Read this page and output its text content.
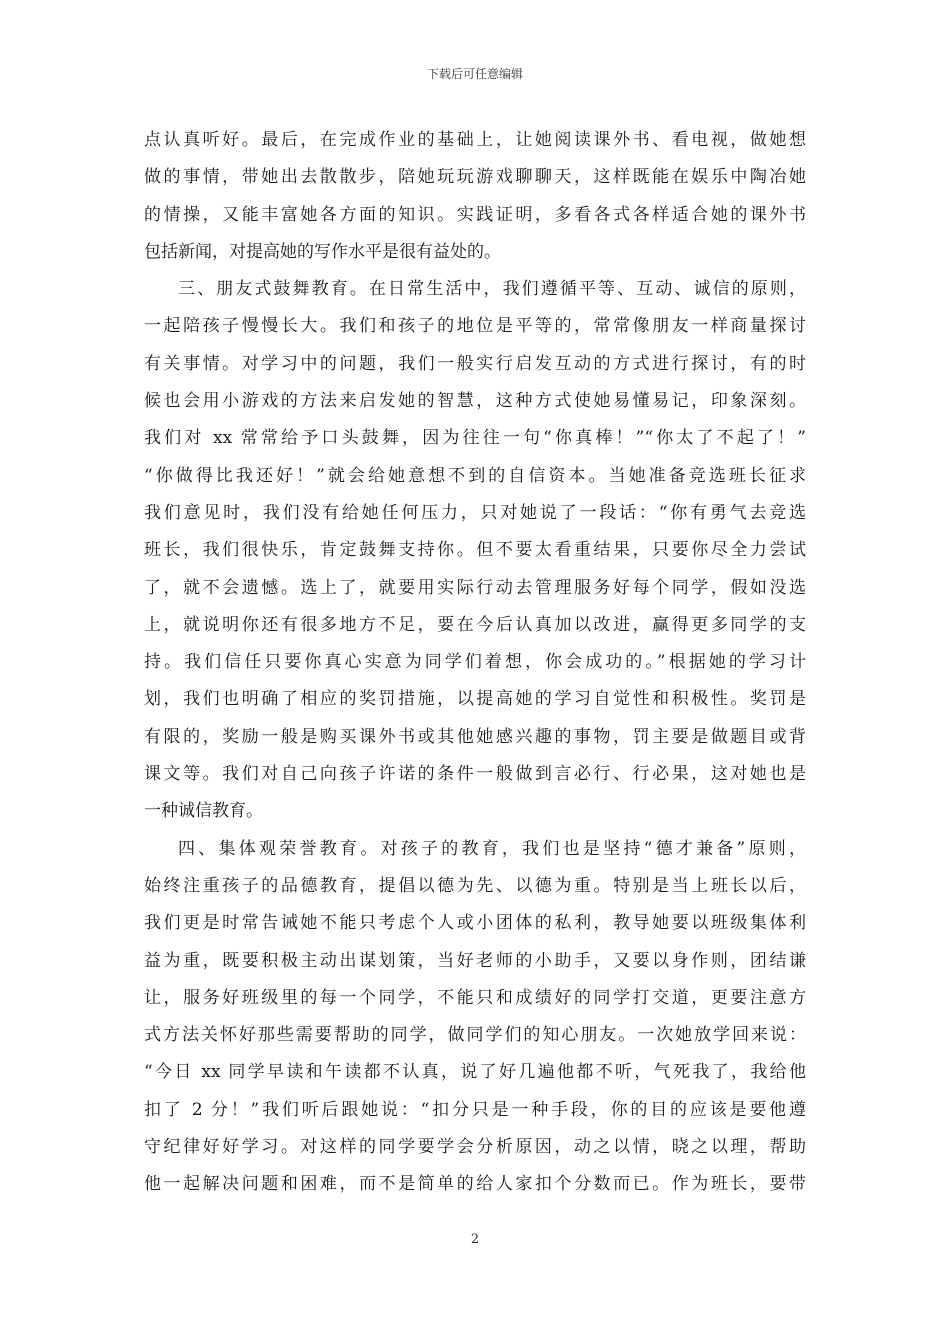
下载后可任意编辑
点认真听好。最后，在完成作业的基础上，让她阅读课外书、看电视，做她想
做的事情，带她出去散散步，陪她玩玩游戏聊聊天，这样既能在娱乐中陶冶她
的情操，又能丰富她各方面的知识。实践证明，多看各式各样适合她的课外书
包括新闻，对提高她的写作水平是很有益处的。
三、朋友式鼓舞教育。在日常生活中，我们遵循平等、互动、诚信的原则，
一起陪孩子慢慢长大。我们和孩子的地位是平等的，常常像朋友一样商量探讨
有关事情。对学习中的问题，我们一般实行启发互动的方式进行探讨，有的时
候也会用小游戏的方法来启发她的智慧，这种方式使她易懂易记，印象深刻。
我们对 xx 常常给予口头鼓舞，因为往往一句“你真棒！”“你太了不起了！”
“你做得比我还好！”就会给她意想不到的自信资本。当她准备竞选班长征求
我们意见时，我们没有给她任何压力，只对她说了一段话：“你有勇气去竞选
班长，我们很快乐，肯定鼓舞支持你。但不要太看重结果，只要你尽全力尝试
了，就不会遗憾。选上了，就要用实际行动去管理服务好每个同学，假如没选
上，就说明你还有很多地方不足，要在今后认真加以改进，赢得更多同学的支
持。我们信任只要你真心实意为同学们着想，你会成功的。”根据她的学习计
划，我们也明确了相应的奖罚措施，以提高她的学习自觉性和积极性。奖罚是
有限的，奖励一般是购买课外书或其他她感兴趣的事物，罚主要是做题目或背
课文等。我们对自己向孩子许诺的条件一般做到言必行、行必果，这对她也是
一种诚信教育。
四、集体观荣誉教育。对孩子的教育，我们也是坚持“德才兼备”原则，
始终注重孩子的品德教育，提倡以德为先、以德为重。特别是当上班长以后，
我们更是时常告诫她不能只考虑个人或小团体的私利，教导她要以班级集体利
益为重，既要积极主动出谋划策，当好老师的小助手，又要以身作则，团结谦
让，服务好班级里的每一个同学，不能只和成绩好的同学打交道，更要注意方
式方法关怀好那些需要帮助的同学，做同学们的知心朋友。一次她放学回来说：
“今日 xx 同学早读和午读都不认真，说了好几遍他都不听，气死我了，我给他
扣了 2 分！”我们听后跟她说：“扣分只是一种手段，你的目的应该是要他遵
守纪律好好学习。对这样的同学要学会分析原因，动之以情，晓之以理，帮助
他一起解决问题和困难，而不是简单的给人家扣个分数而已。作为班长，要带
2
